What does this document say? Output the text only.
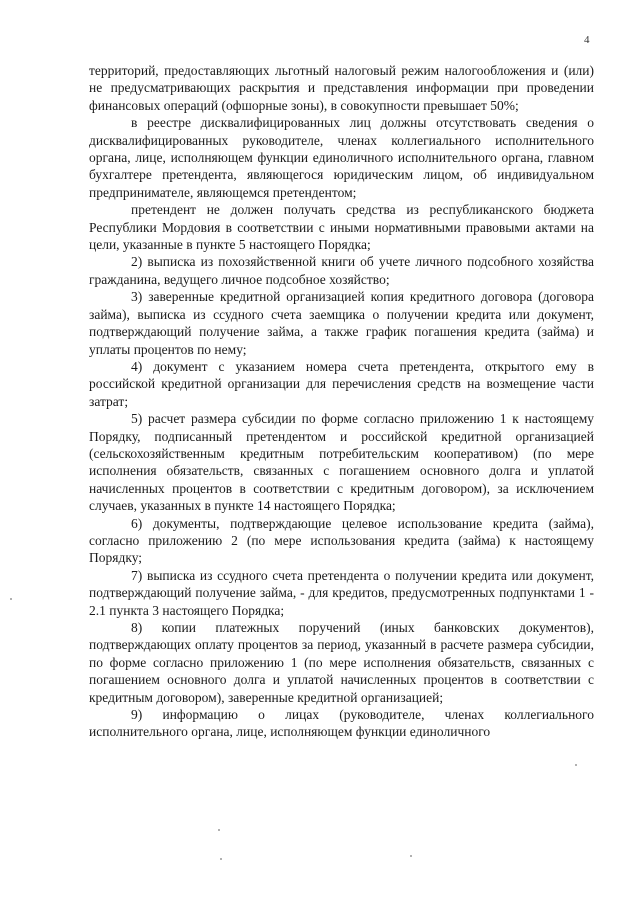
4

территорий, предоставляющих льготный налоговый режим налогообложения и (или) не предусматривающих раскрытия и представления информации при проведении финансовых операций (офшорные зоны), в совокупности превышает 50%;

в реестре дисквалифицированных лиц должны отсутствовать сведения о дисквалифицированных руководителе, членах коллегиального исполнительного органа, лице, исполняющем функции единоличного исполнительного органа, главном бухгалтере претендента, являющегося юридическим лицом, об индивидуальном предпринимателе, являющемся претендентом;

претендент не должен получать средства из республиканского бюджета Республики Мордовия в соответствии с иными нормативными правовыми актами на цели, указанные в пункте 5 настоящего Порядка;

2) выписка из похозяйственной книги об учете личного подсобного хозяйства гражданина, ведущего личное подсобное хозяйство;

3) заверенные кредитной организацией копия кредитного договора (договора займа), выписка из ссудного счета заемщика о получении кредита или документ, подтверждающий получение займа, а также график погашения кредита (займа) и уплаты процентов по нему;

4) документ с указанием номера счета претендента, открытого ему в российской кредитной организации для перечисления средств на возмещение части затрат;

5) расчет размера субсидии по форме согласно приложению 1 к настоящему Порядку, подписанный претендентом и российской кредитной организацией (сельскохозяйственным кредитным потребительским кооперативом) (по мере исполнения обязательств, связанных с погашением основного долга и уплатой начисленных процентов в соответствии с кредитным договором), за исключением случаев, указанных в пункте 14 настоящего Порядка;

6) документы, подтверждающие целевое использование кредита (займа), согласно приложению 2 (по мере использования кредита (займа) к настоящему Порядку;

7) выписка из ссудного счета претендента о получении кредита или документ, подтверждающий получение займа, - для кредитов, предусмотренных подпунктами 1 - 2.1 пункта 3 настоящего Порядка;

8) копии платежных поручений (иных банковских документов), подтверждающих оплату процентов за период, указанный в расчете размера субсидии, по форме согласно приложению 1 (по мере исполнения обязательств, связанных с погашением основного долга и уплатой начисленных процентов в соответствии с кредитным договором), заверенные кредитной организацией;

9) информацию о лицах (руководителе, членах коллегиального исполнительного органа, лице, исполняющем функции единоличного
